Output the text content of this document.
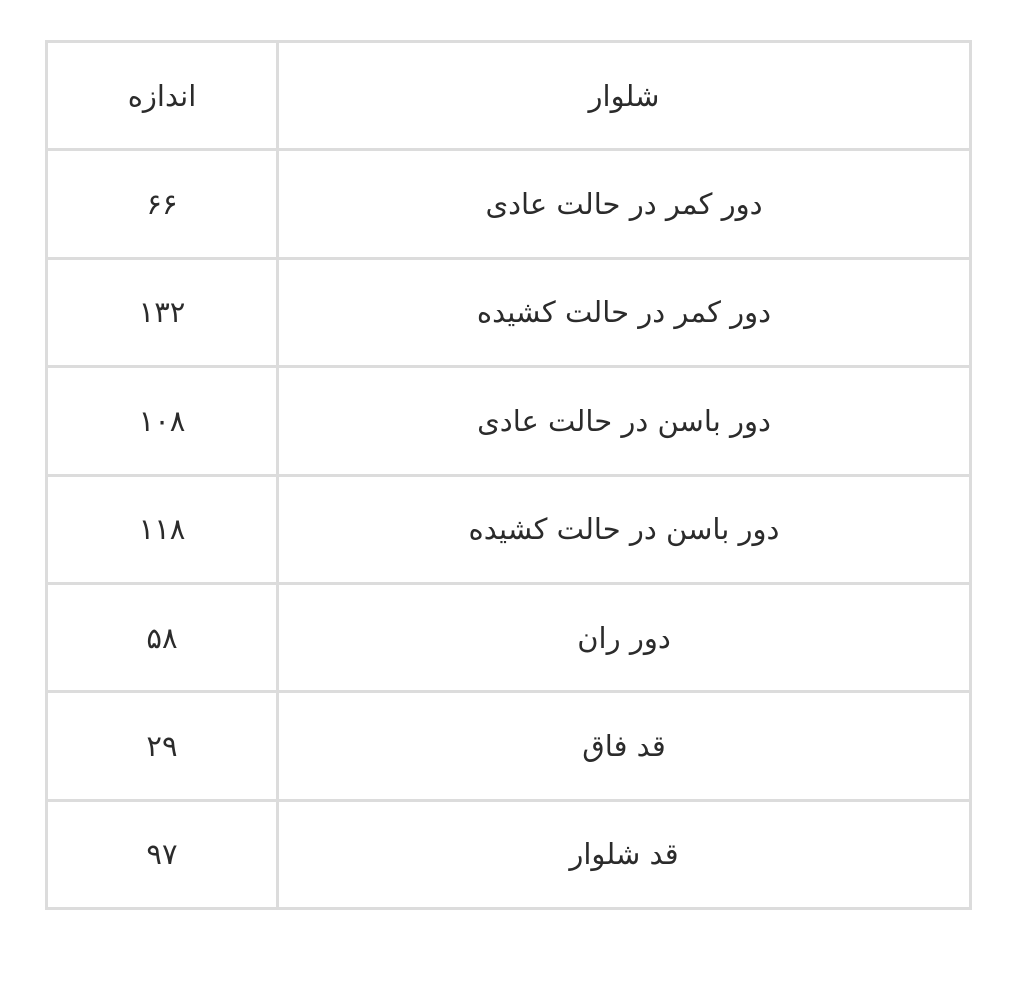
شلوار	اندازه
دور کمر در حالت عادی	۶۶
دور کمر در حالت کشیده	۱۳۲
دور باسن در حالت عادی	۱۰۸
دور باسن در حالت کشیده	۱۱۸
دور ران	۵۸
قد فاق	۲۹
قد شلوار	۹۷
